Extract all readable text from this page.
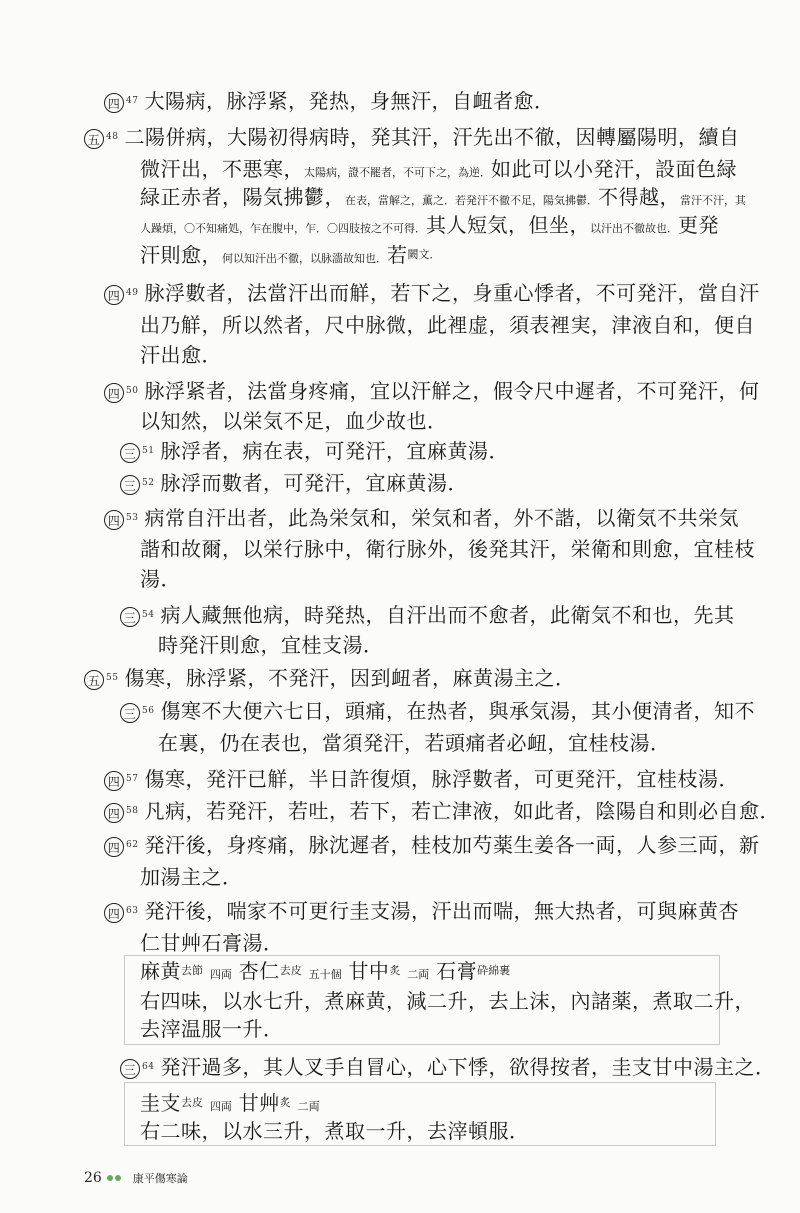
四 $^{47}$ 大陽病，脉浮紧，発热，身無汗，自衄者愈．
五 $^{48}$ 二陽併病，大陽初得病時，発其汗，汗先出不徹，因轉屬陽明，續自
微汗出，不悪寒，太陽病，證不罷者，不可下之，為逆．如此可以小発汗，設面色緑
緑正赤者，陽気拂鬱，在表，當解之，薫之．若発汗不徹不足，陽気拂鬱．不得越，當汗不汗，其
人躁煩，〇不知痛処，乍在腹中，乍．〇四肢按之不可得．其人短気，但坐，以汗出不徹故也．更発
汗則愈，何以知汗出不徹，以脉濇故知也．若$^{闕文.}$
四 $^{49}$ 脉浮數者，法當汗出而觧，若下之，身重心悸者，不可発汗，當自汗
出乃觧，所以然者，尺中脉微，此裡虚，須表裡実，津液自和，便自
汗出愈．
四 $^{50}$ 脉浮紧者，法當身疼痛，宜以汗觧之，假令尺中遲者，不可発汗，何
以知然，以栄気不足，血少故也．
三 $^{51}$ 脉浮者，病在表，可発汗，宜麻黄湯．
三 $^{52}$ 脉浮而數者，可発汗，宜麻黄湯．
四 $^{53}$ 病常自汗出者，此為栄気和，栄気和者，外不諧，以衛気不共栄気
諧和故爾，以栄行脉中，衛行脉外，後発其汗，栄衛和則愈，宜桂枝
湯．
三 $^{54}$ 病人藏無他病，時発热，自汗出而不愈者，此衛気不和也，先其
時発汗則愈，宜桂支湯．
五 $^{55}$ 傷寒，脉浮紧，不発汗，因到衄者，麻黄湯主之．
三 $^{56}$ 傷寒不大便六七日，頭痛，在热者，與承気湯，其小便清者，知不
在裏，仍在表也，當須発汗，若頭痛者必衄，宜桂枝湯．
四 $^{57}$ 傷寒，発汗已觧，半日許復煩，脉浮數者，可更発汗，宜桂枝湯．
四 $^{58}$ 凡病，若発汗，若吐，若下，若亡津液，如此者，陰陽自和則必自愈．
四 $^{62}$ 発汗後，身疼痛，脉沈遲者，桂枝加芍薬生姜各一両，人参三両，新
加湯主之．
四 $^{63}$ 発汗後，喘家不可更行圭支湯，汗出而喘，無大热者，可與麻黄杏
仁甘艸石膏湯．
麻黄$^{去節}$ 四両 杏仁$^{去皮}$ 五十個 甘中$^炙$ 二両 石膏$^{砕綿裹}$
右四味，以水七升，煮麻黄，減二升，去上沫，內諸薬，煮取二升，
去滓温服一升．
三 $^{64}$ 発汗過多，其人叉手自冒心，心下悸，欲得按者，圭支甘中湯主之．
圭支$^{去皮}$ 四両 甘艸$^炙$ 二両
右二味，以水三升，煮取一升，去滓頓服．
26	康平傷寒論
